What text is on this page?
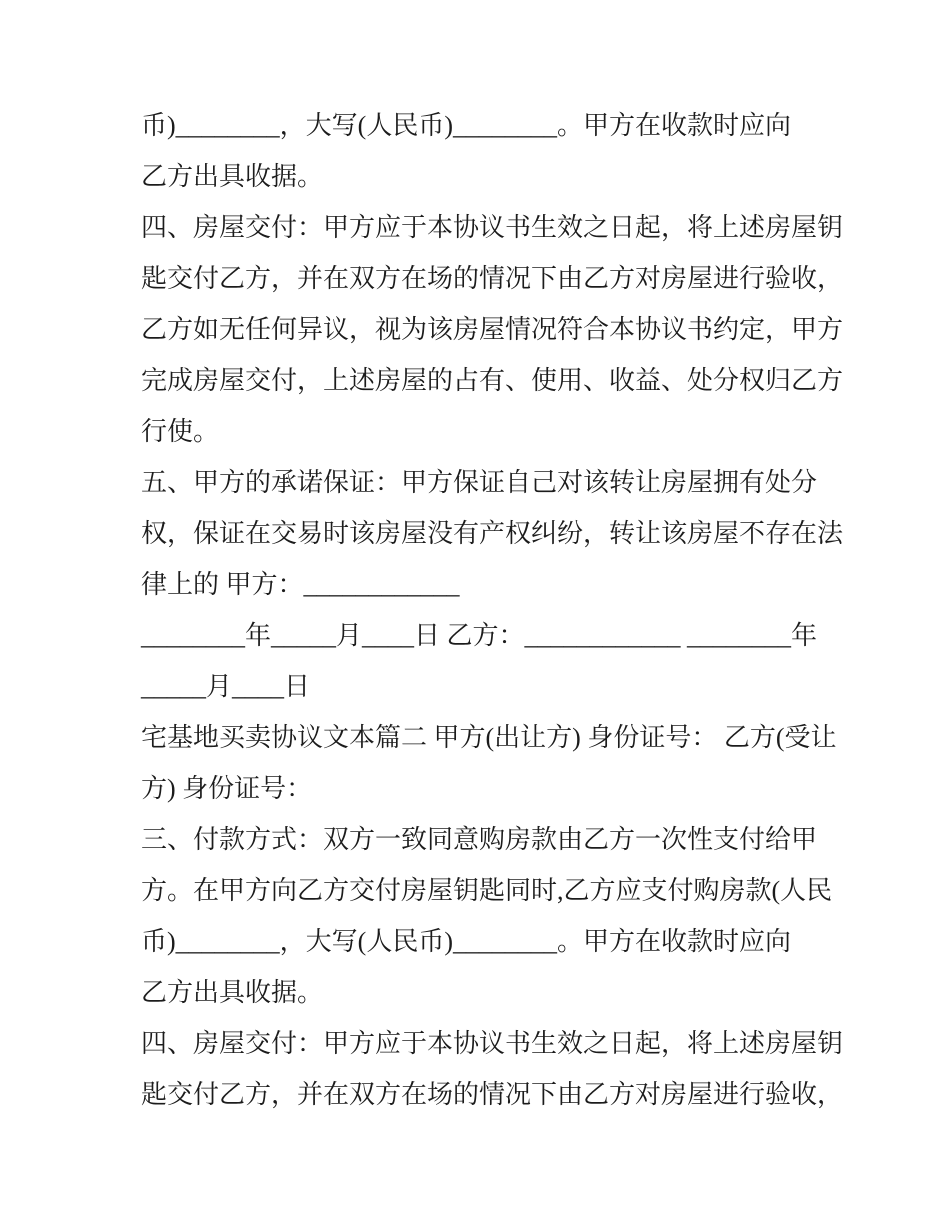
币)________，大写(人民币)________。甲方在收款时应向
乙方出具收据。
四、房屋交付：甲方应于本协议书生效之日起，将上述房屋钥
匙交付乙方，并在双方在场的情况下由乙方对房屋进行验收，
乙方如无任何异议，视为该房屋情况符合本协议书约定，甲方
完成房屋交付，上述房屋的占有、使用、收益、处分权归乙方
行使。
五、甲方的承诺保证：甲方保证自己对该转让房屋拥有处分
权，保证在交易时该房屋没有产权纠纷，转让该房屋不存在法
律上的 甲方：____________
________年_____月____日 乙方：____________ ________年
_____月____日
宅基地买卖协议文本篇二 甲方(出让方) 身份证号： 乙方(受让
方) 身份证号：
三、付款方式：双方一致同意购房款由乙方一次性支付给甲
方。在甲方向乙方交付房屋钥匙同时,乙方应支付购房款(人民
币)________，大写(人民币)________。甲方在收款时应向
乙方出具收据。
四、房屋交付：甲方应于本协议书生效之日起，将上述房屋钥
匙交付乙方，并在双方在场的情况下由乙方对房屋进行验收，
